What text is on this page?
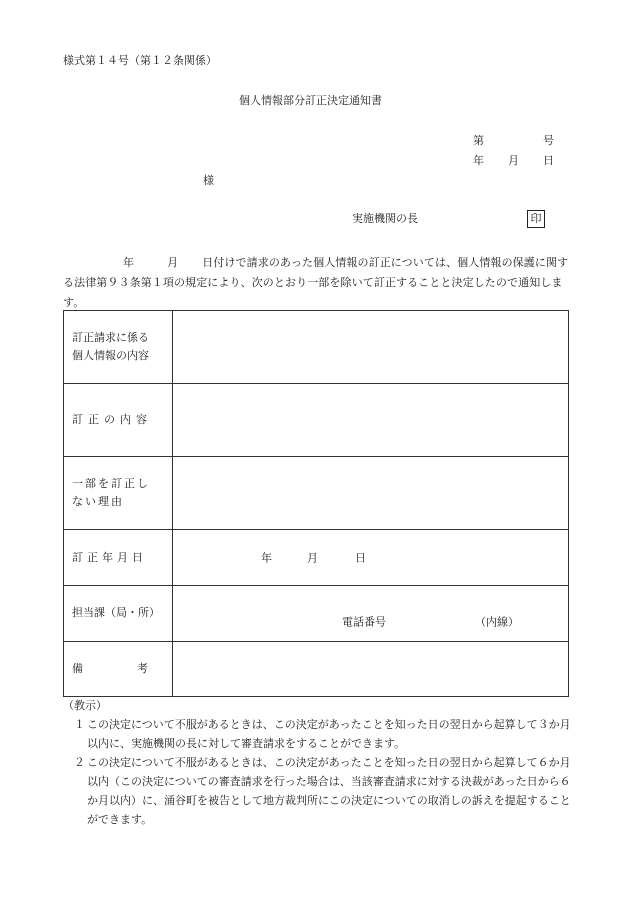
様式第１４号（第１２条関係）
個人情報部分訂正決定通知書
第	号
年 月 日
様
実施機関の長	印
年	月 日付けで請求のあった個人情報の訂正については、個人情報の保護に関する法律第９３条第１項の規定により、次のとおり一部を除いて訂正することと決定したので通知します。
訂正請求に係る個人情報の内容	

訂正の内容	

一部を訂正しない理由	

訂正年月日	年 月 日

担当課（局・所）	電話番号 （内線）

備 考	

（教示）
１ この決定について不服があるときは、この決定があったことを知った日の翌日から起算して３か月以内に、実施機関の長に対して審査請求をすることができます。
２ この決定について不服があるときは、この決定があったことを知った日の翌日から起算して６か月以内（この決定についての審査請求を行った場合は、当該審査請求に対する決裁があった日から６か月以内）に、涌谷町を被告として地方裁判所にこの決定についての取消しの訴えを提起することができます。
